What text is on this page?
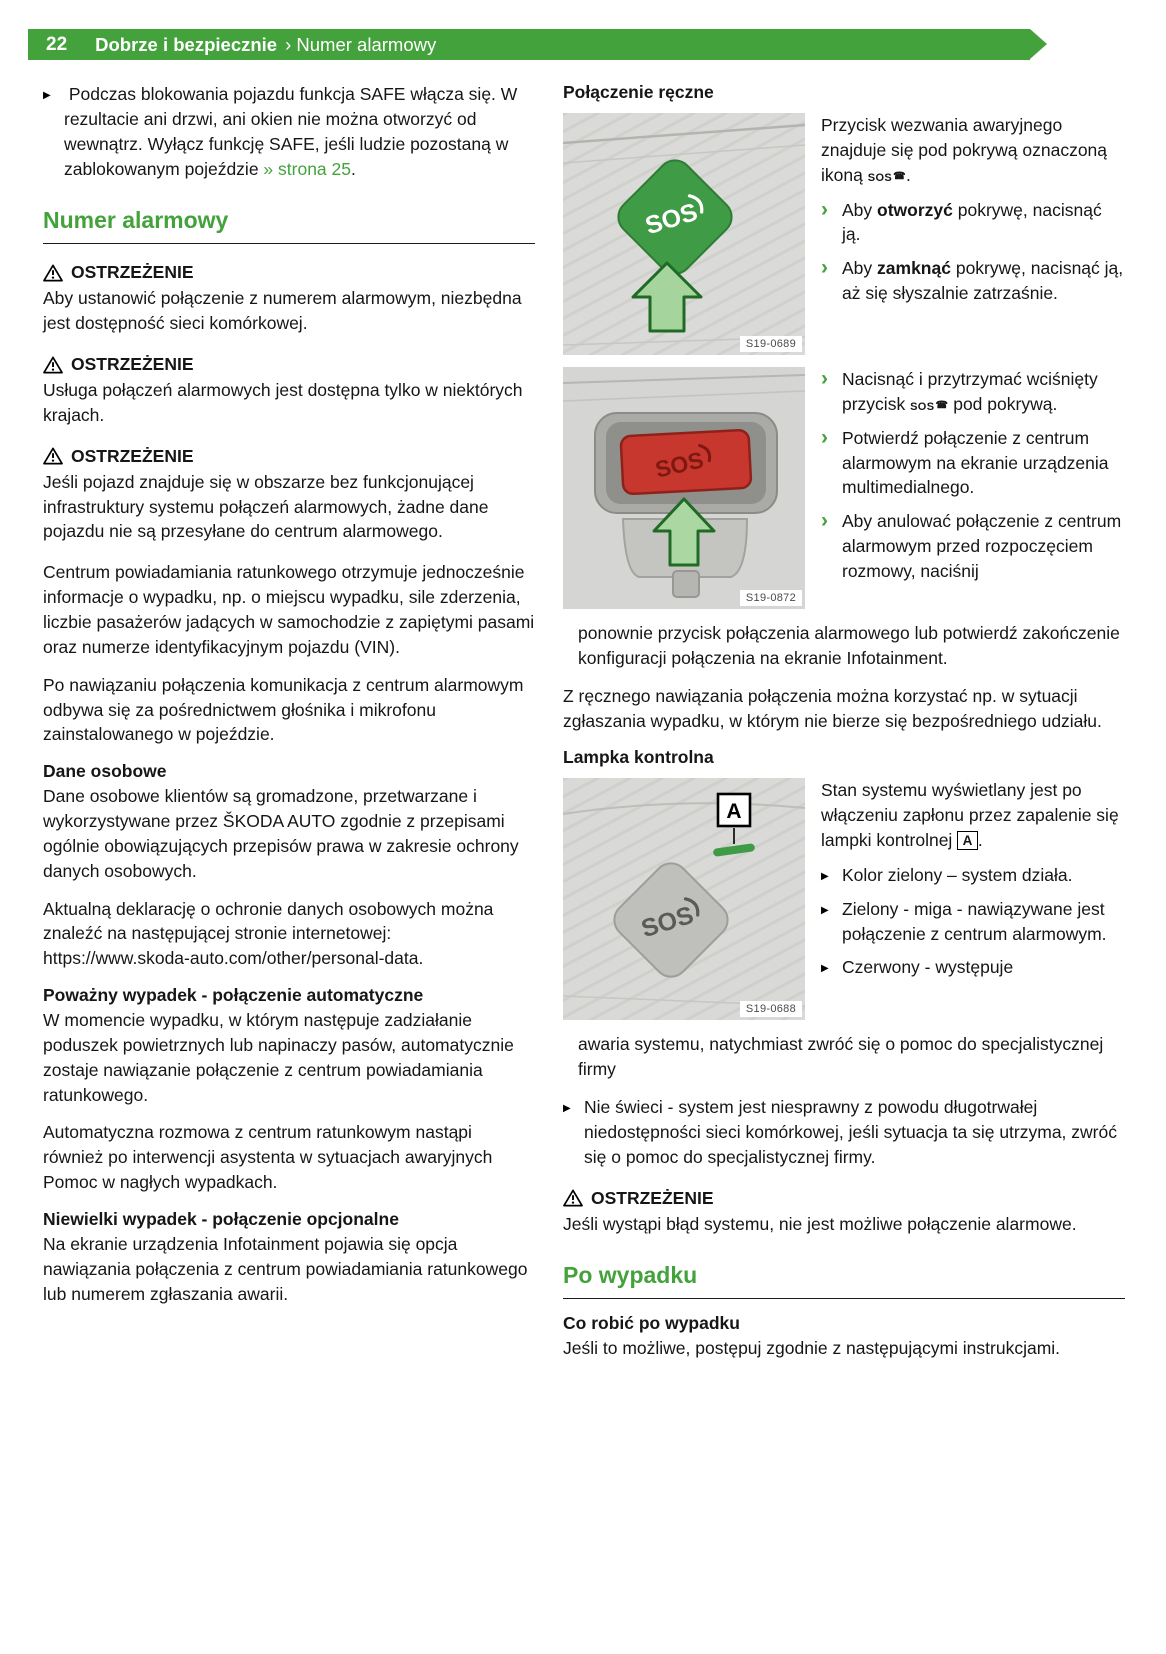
22 Dobrze i bezpiecznie › Numer alarmowy
▶ Podczas blokowania pojazdu funkcja SAFE włącza się. W rezultacie ani drzwi, ani okien nie można otworzyć od wewnątrz. Wyłącz funkcję SAFE, jeśli ludzie pozostaną w zablokowanym pojeździe » strona 25.
Numer alarmowy
OSTRZEŻENIE

Aby ustanowić połączenie z numerem alarmowym, niezbędna jest dostępność sieci komórkowej.

OSTRZEŻENIE

Usługa połączeń alarmowych jest dostępna tylko w niektórych krajach.

OSTRZEŻENIE

Jeśli pojazd znajduje się w obszarze bez funkcjonującej infrastruktury systemu połączeń alarmowych, żadne dane pojazdu nie są przesyłane do centrum alarmowego.

Centrum powiadamiania ratunkowego otrzymuje jednocześnie informacje o wypadku, np. o miejscu wypadku, sile zderzenia, liczbie pasażerów jadących w samochodzie z zapiętymi pasami oraz numerze identyfikacyjnym pojazdu (VIN).

Po nawiązaniu połączenia komunikacja z centrum alarmowym odbywa się za pośrednictwem głośnika i mikrofonu zainstalowanego w pojeździe.

Dane osobowe

Dane osobowe klientów są gromadzone, przetwarzane i wykorzystywane przez ŠKODA AUTO zgodnie z przepisami ogólnie obowiązujących przepisów prawa w zakresie ochrony danych osobowych.

Aktualną deklarację o ochronie danych osobowych można znaleźć na następującej stronie internetowej: https://www.skoda-auto.com/other/personal-data.

Poważny wypadek - połączenie automatyczne

W momencie wypadku, w którym następuje zadziałanie poduszek powietrznych lub napinaczy pasów, automatycznie zostaje nawiązanie połączenie z centrum powiadamiania ratunkowego.

Automatyczna rozmowa z centrum ratunkowym nastąpi również po interwencji asystenta w sytuacjach awaryjnych Pomoc w nagłych wypadkach.

Niewielki wypadek - połączenie opcjonalne

Na ekranie urządzenia Infotainment pojawia się opcja nawiązania połączenia z centrum powiadamiania ratunkowego lub numerem zgłaszania awarii.

Połączenie ręczne
SOS
S19-0689

Przycisk wezwania awaryjnego znajduje się pod pokrywą oznaczoną ikoną SOS ☎ .

› Aby otworzyć pokrywę, nacisnąć ją.
› Aby zamknąć pokrywę, nacisnąć ją, aż się słyszalnie zatrzaśnie.
SOS
S19-0872
› Nacisnąć i przytrzymać wciśnięty przycisk SOS ☎ pod pokrywą.
› Potwierdź połączenie z centrum alarmowym na ekranie urządzenia multimedialnego.
› Aby anulować połączenie z centrum alarmowym przed rozpoczęciem rozmowy, naciśnij

ponownie przycisk połączenia alarmowego lub potwierdź zakończenie konfiguracji połączenia na ekranie Infotainment.

Z ręcznego nawiązania połączenia można korzystać np. w sytuacji zgłaszania wypadku, w którym nie bierze się bezpośredniego udziału.

Lampka kontrolna
A
SOS
S19-0688

Stan systemu wyświetlany jest po włączeniu zapłonu przez zapalenie się lampki kontrolnej A .

▶ Kolor zielony – system działa.
▶ Zielony - miga - nawiązywane jest połączenie z centrum alarmowym.
▶ Czerwony - występuje

awaria systemu, natychmiast zwróć się o pomoc do specjalistycznej firmy

▶ Nie świeci - system jest niesprawny z powodu długotrwałej niedostępności sieci komórkowej, jeśli sytuacja ta się utrzyma, zwróć się o pomoc do specjalistycznej firmy.
OSTRZEŻENIE

Jeśli wystąpi błąd systemu, nie jest możliwe połączenie alarmowe.

Po wypadku
Co robić po wypadku

Jeśli to możliwe, postępuj zgodnie z następującymi instrukcjami.
